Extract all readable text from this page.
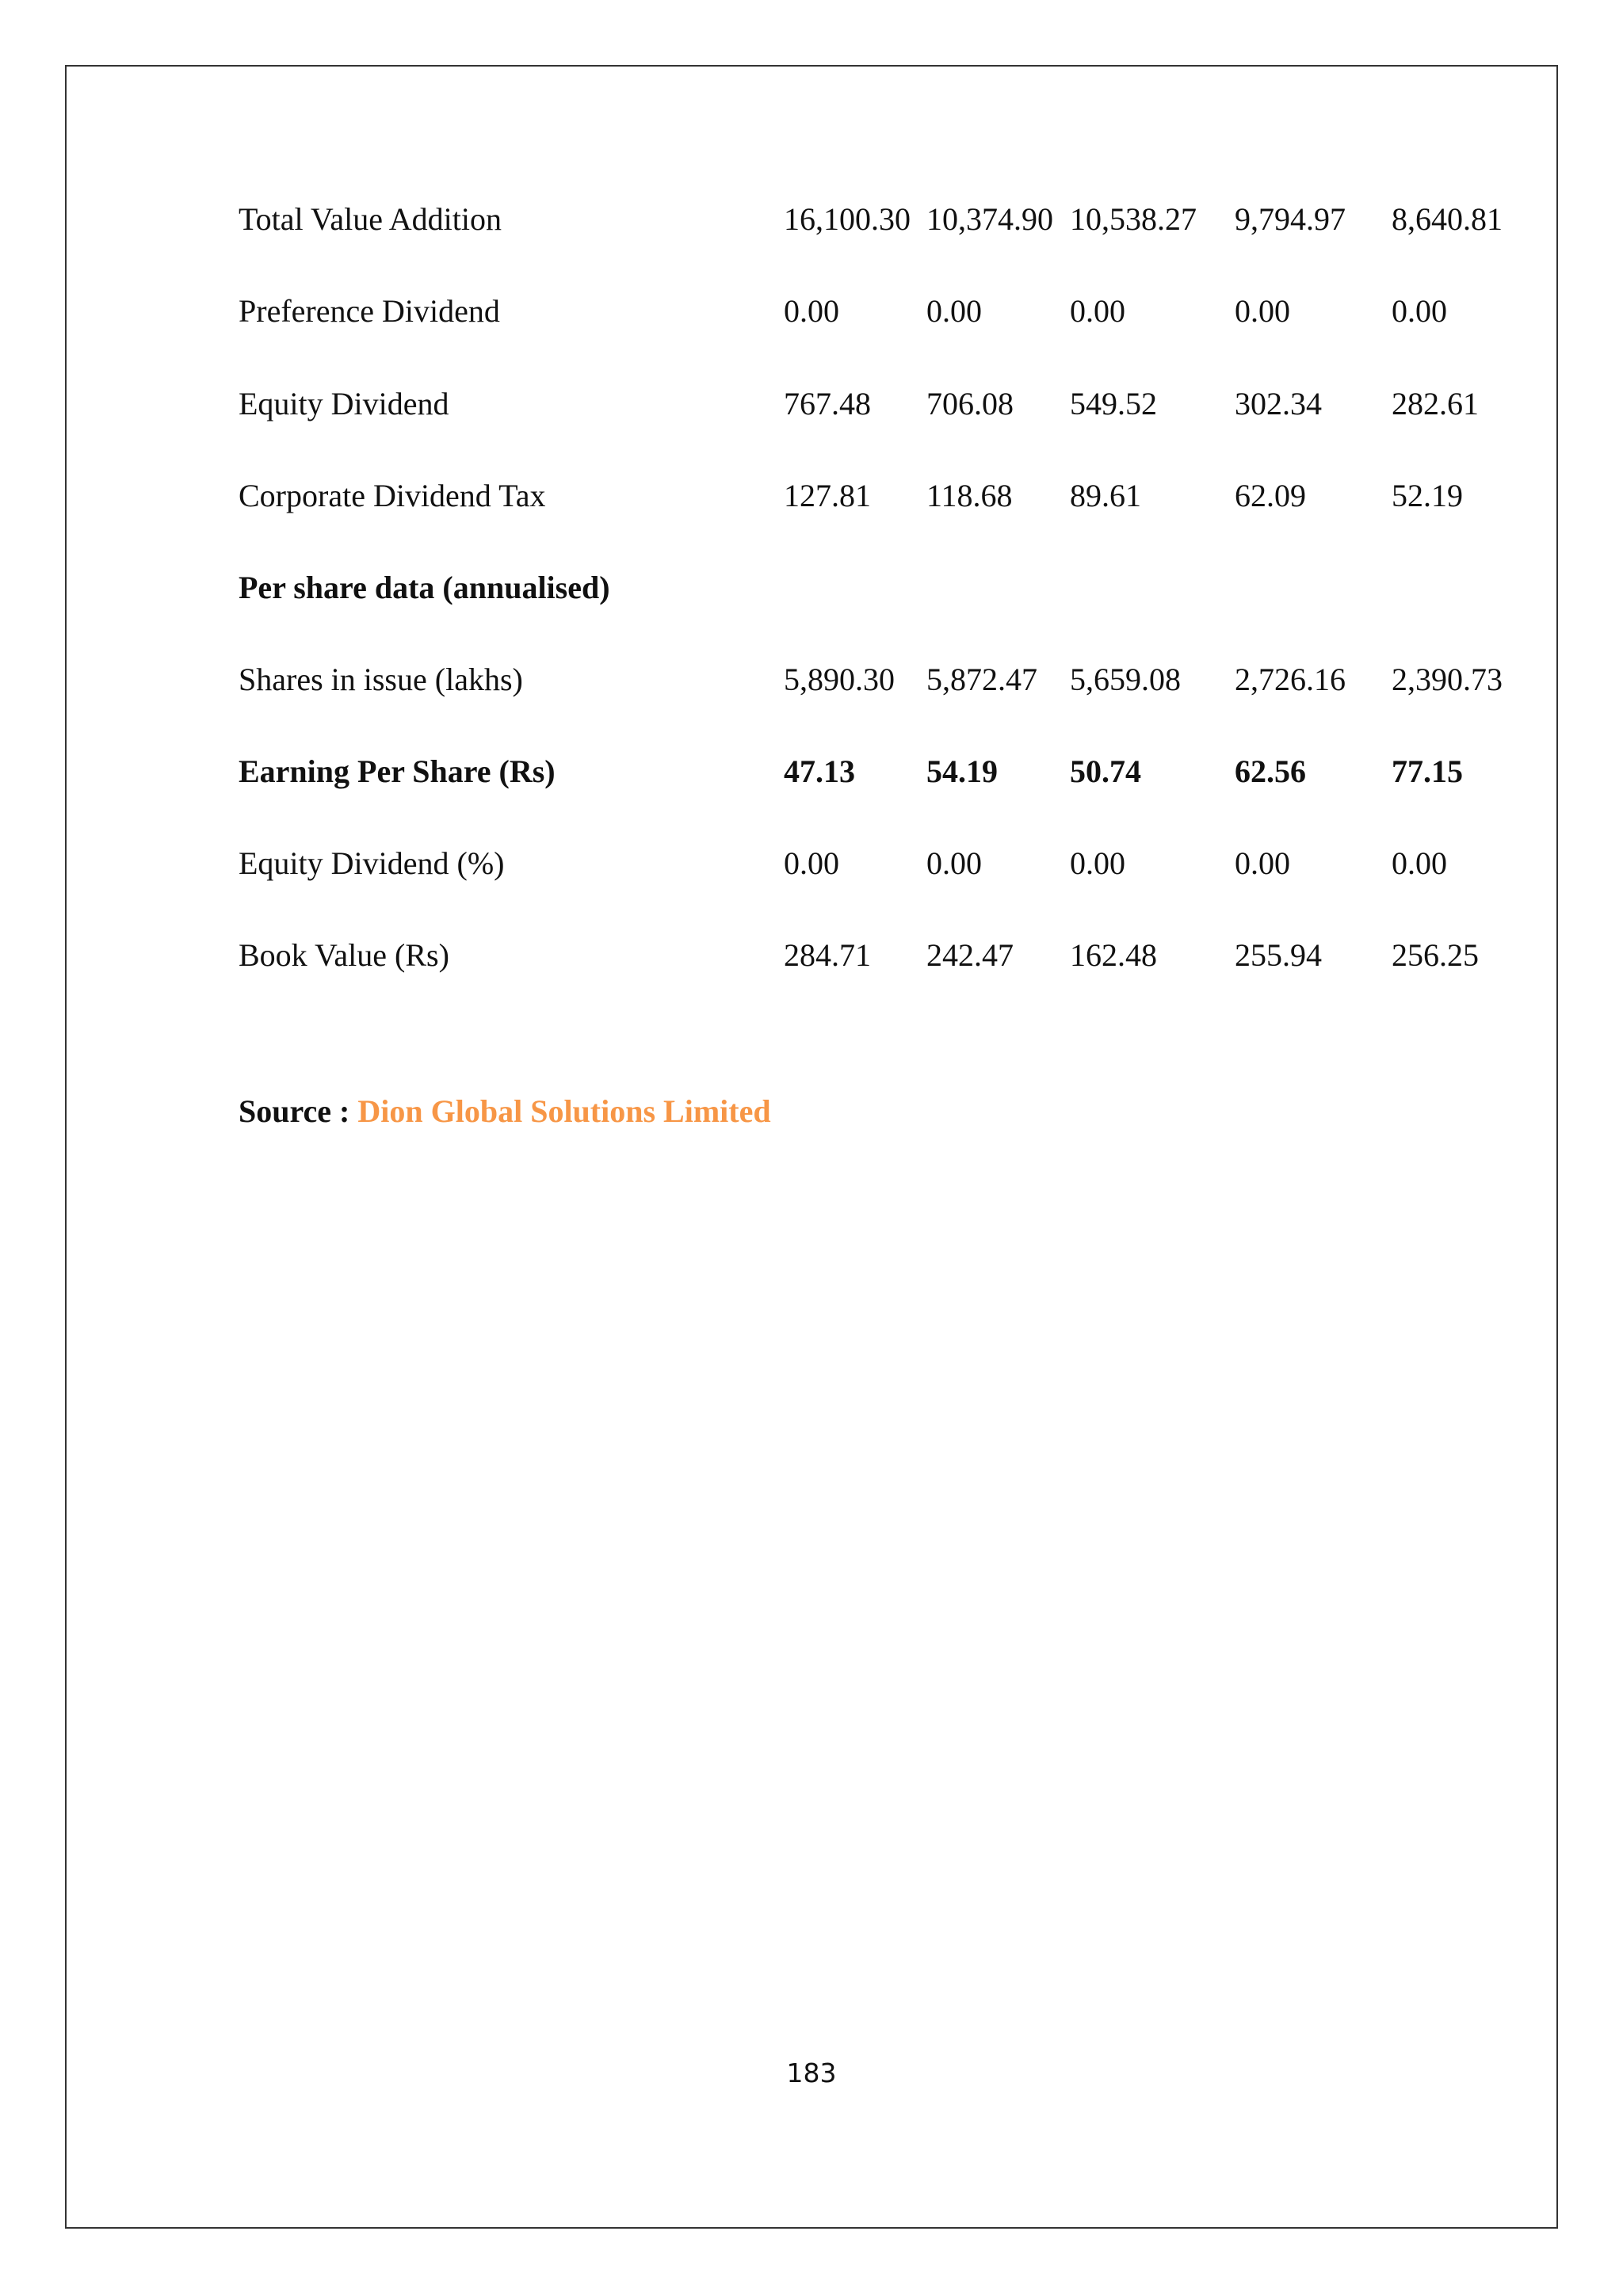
Total Value Addition	16,100.30 10,374.90 10,538.27 9,794.97 8,640.81
Preference Dividend	0.00	0.00	0.00	0.00	0.00
Equity Dividend	767.48 706.08 549.52 302.34 282.61
Corporate Dividend Tax	127.81 118.68 89.61	62.09	52.19
Per share data (annualised)
Shares in issue (lakhs)	5,890.30 5,872.47 5,659.08 2,726.16 2,390.73
Earning Per Share (Rs)	47.13 54.19 50.74	62.56	77.15
Equity Dividend (%)	0.00	0.00	0.00	0.00	0.00
Book Value (Rs)	284.71 242.47 162.48 255.94 256.25
Source : Dion Global Solutions Limited
183
